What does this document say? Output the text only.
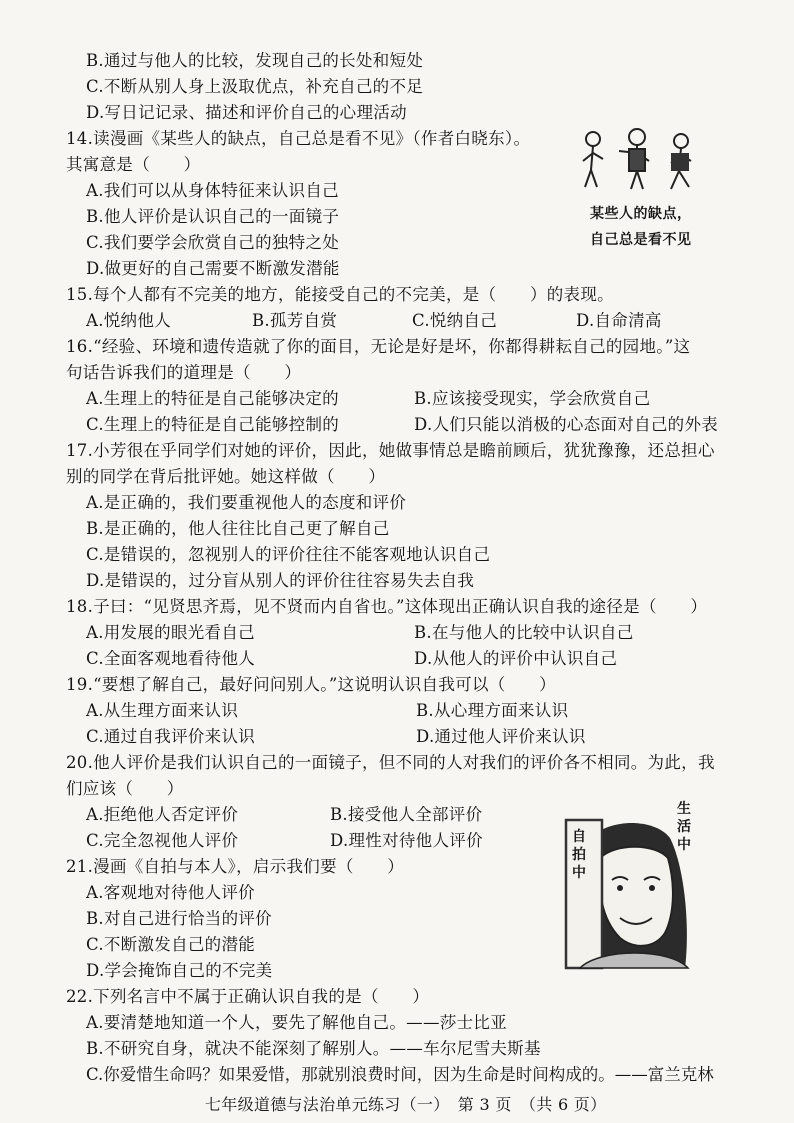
B.通过与他人的比较，发现自己的长处和短处
C.不断从别人身上汲取优点，补充自己的不足
D.写日记记录、描述和评价自己的心理活动
14.读漫画《某些人的缺点，自己总是看不见》（作者白晓东）。
其寓意是（　　）
A.我们可以从身体特征来认识自己
B.他人评价是认识自己的一面镜子
C.我们要学会欣赏自己的独特之处
D.做更好的自己需要不断激发潜能
某些人的缺点，
自己总是看不见
15.每个人都有不完美的地方，能接受自己的不完美，是（　　）的表现。
A.悦纳他人	B.孤芳自赏	C.悦纳自己	D.自命清高
16.“经验、环境和遗传造就了你的面目，无论是好是坏，你都得耕耘自己的园地。”这
句话告诉我们的道理是（　　）
A.生理上的特征是自己能够决定的	B.应该接受现实，学会欣赏自己
C.生理上的特征是自己能够控制的	D.人们只能以消极的心态面对自己的外表
17.小芳很在乎同学们对她的评价，因此，她做事情总是瞻前顾后，犹犹豫豫，还总担心
别的同学在背后批评她。她这样做（　　）
A.是正确的，我们要重视他人的态度和评价
B.是正确的，他人往往比自己更了解自己
C.是错误的，忽视别人的评价往往不能客观地认识自己
D.是错误的，过分盲从别人的评价往往容易失去自我
18.子曰：“见贤思齐焉，见不贤而内自省也。”这体现出正确认识自我的途径是（　　）
A.用发展的眼光看自己	B.在与他人的比较中认识自己
C.全面客观地看待他人	D.从他人的评价中认识自己
19.“要想了解自己，最好问问别人。”这说明认识自我可以（　　）
A.从生理方面来认识	B.从心理方面来认识
C.通过自我评价来认识	D.通过他人评价来认识
20.他人评价是我们认识自己的一面镜子，但不同的人对我们的评价各不相同。为此，我
们应该（　　）
A.拒绝他人否定评价	B.接受他人全部评价
C.完全忽视他人评价	D.理性对待他人评价
21.漫画《自拍与本人》，启示我们要（　　）
A.客观地对待他人评价
B.对自己进行恰当的评价
C.不断激发自己的潜能
D.学会掩饰自己的不完美
自拍中
生活中
22.下列名言中不属于正确认识自我的是（　　）
A.要清楚地知道一个人，要先了解他自己。——莎士比亚
B.不研究自身，就决不能深刻了解别人。——车尔尼雪夫斯基
C.你爱惜生命吗？如果爱惜，那就别浪费时间，因为生命是时间构成的。——富兰克林
七年级道德与法治单元练习（一）　第 3 页　（共 6 页）
